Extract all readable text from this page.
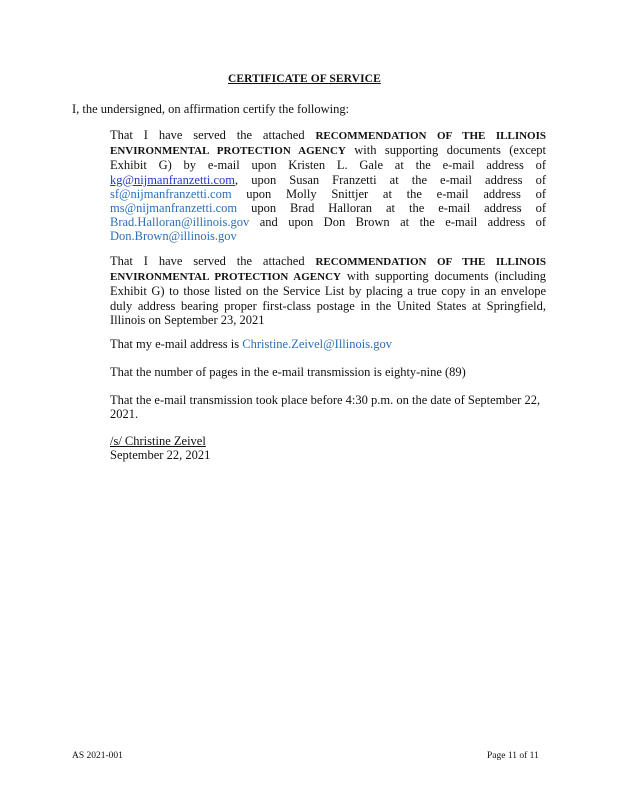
CERTIFICATE OF SERVICE
I, the undersigned, on affirmation certify the following:
That I have served the attached RECOMMENDATION OF THE ILLINOIS ENVIRONMENTAL PROTECTION AGENCY with supporting documents (except Exhibit G) by e-mail upon Kristen L. Gale at the e-mail address of kg@nijmanfranzetti.com, upon Susan Franzetti at the e-mail address of sf@nijmanfranzetti.com upon Molly Snittjer at the e-mail address of ms@nijmanfranzetti.com upon Brad Halloran at the e-mail address of Brad.Halloran@illinois.gov and upon Don Brown at the e-mail address of Don.Brown@illinois.gov
That I have served the attached RECOMMENDATION OF THE ILLINOIS ENVIRONMENTAL PROTECTION AGENCY with supporting documents (including Exhibit G) to those listed on the Service List by placing a true copy in an envelope duly address bearing proper first-class postage in the United States at Springfield, Illinois on September 23, 2021
That my e-mail address is Christine.Zeivel@Illinois.gov
That the number of pages in the e-mail transmission is eighty-nine (89)
That the e-mail transmission took place before 4:30 p.m. on the date of September 22, 2021.
/s/ Christine Zeivel
September 22, 2021
AS 2021-001	Page 11 of 11
